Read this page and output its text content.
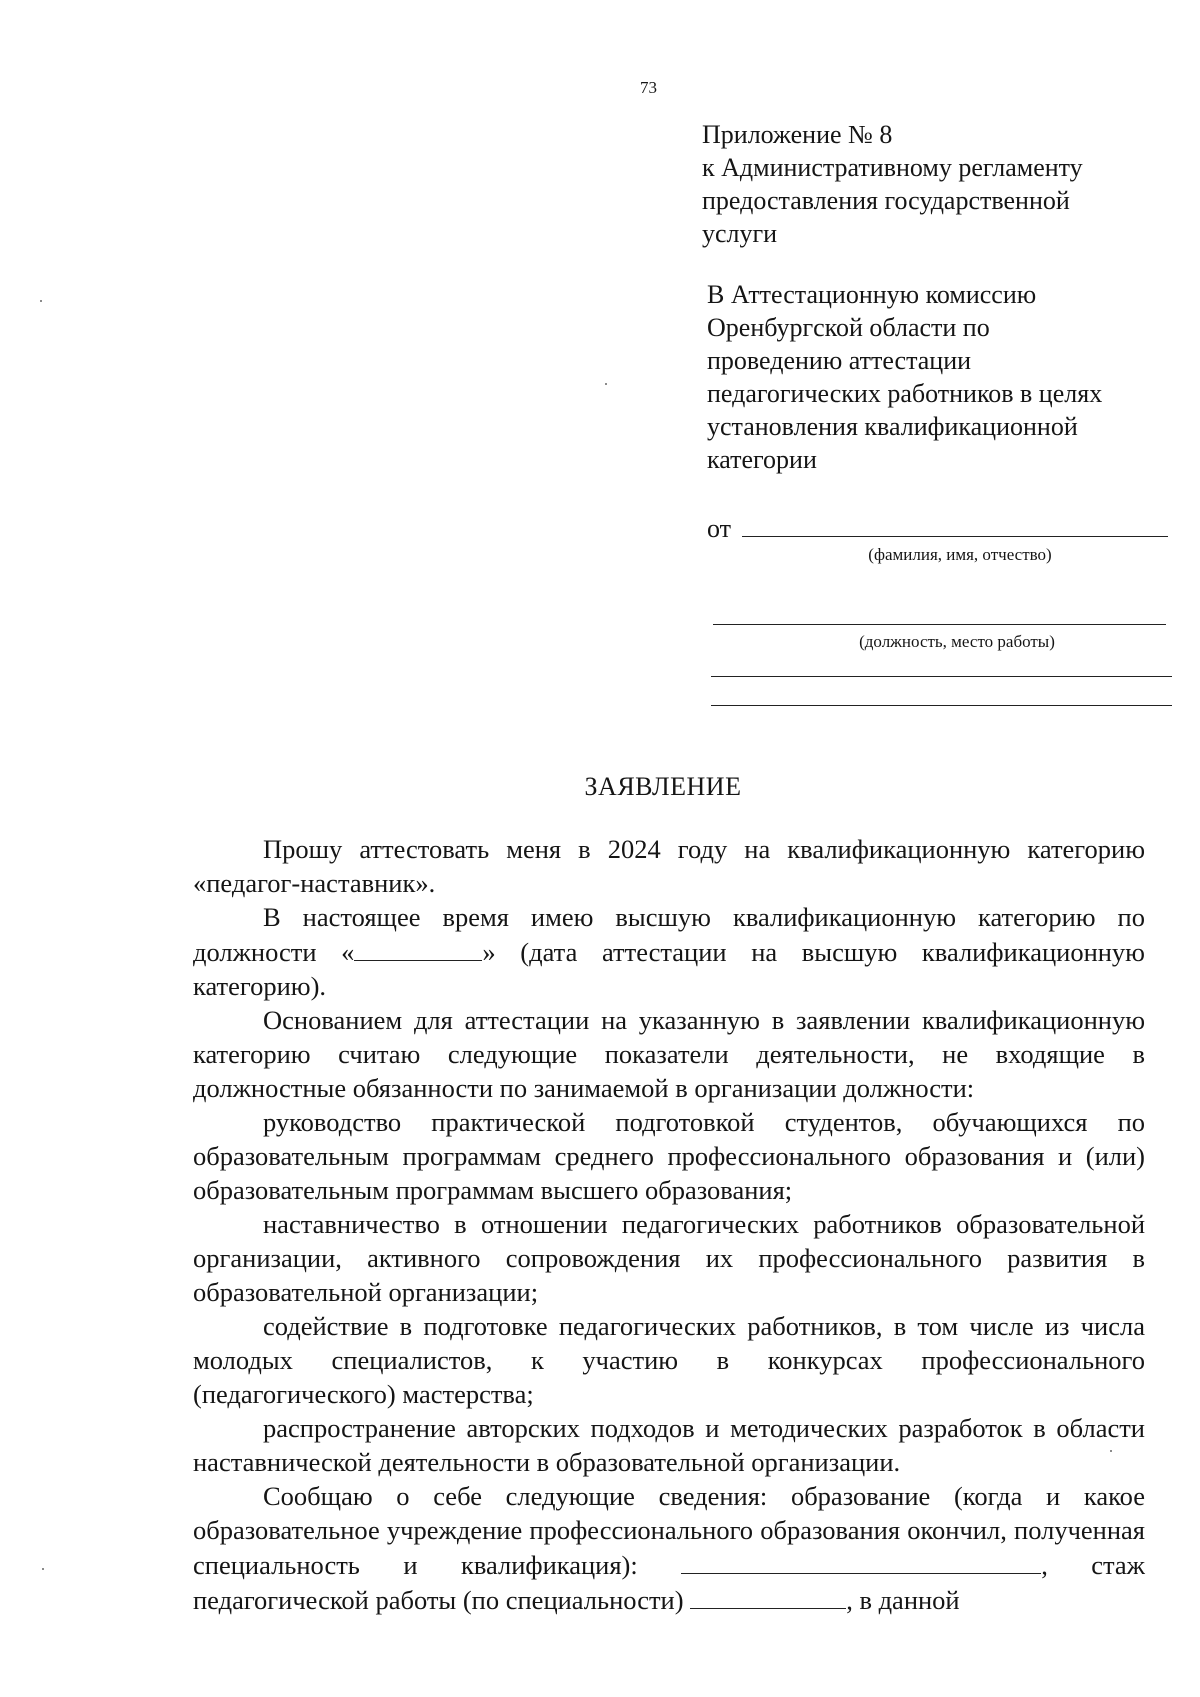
73
Приложение № 8
к Административному регламенту
предоставления государственной
услуги
В Аттестационную комиссию
Оренбургской области по
проведению аттестации
педагогических работников в целях
установления квалификационной
категории
от
(фамилия, имя, отчество)
(должность, место работы)
ЗАЯВЛЕНИЕ

Прошу аттестовать меня в 2024 году на квалификационную категорию «педагог-наставник».

В настоящее время имею высшую квалификационную категорию по должности «	» (дата аттестации на высшую квалификационную категорию).

Основанием для аттестации на указанную в заявлении квалификационную категорию считаю следующие показатели деятельности, не входящие в должностные обязанности по занимаемой в организации должности:

руководство практической подготовкой студентов, обучающихся по образовательным программам среднего профессионального образования и (или) образовательным программам высшего образования;

наставничество в отношении педагогических работников образовательной организации, активного сопровождения их профессионального развития в образовательной организации;

содействие в подготовке педагогических работников, в том числе из числа молодых специалистов, к участию в конкурсах профессионального (педагогического) мастерства;

распространение авторских подходов и методических разработок в области наставнической деятельности в образовательной организации.

Сообщаю о себе следующие сведения: образование (когда и какое образовательное учреждение профессионального образования окончил, полученная специальность и квалификация):	, стаж педагогической работы (по специальности)	, в данной
